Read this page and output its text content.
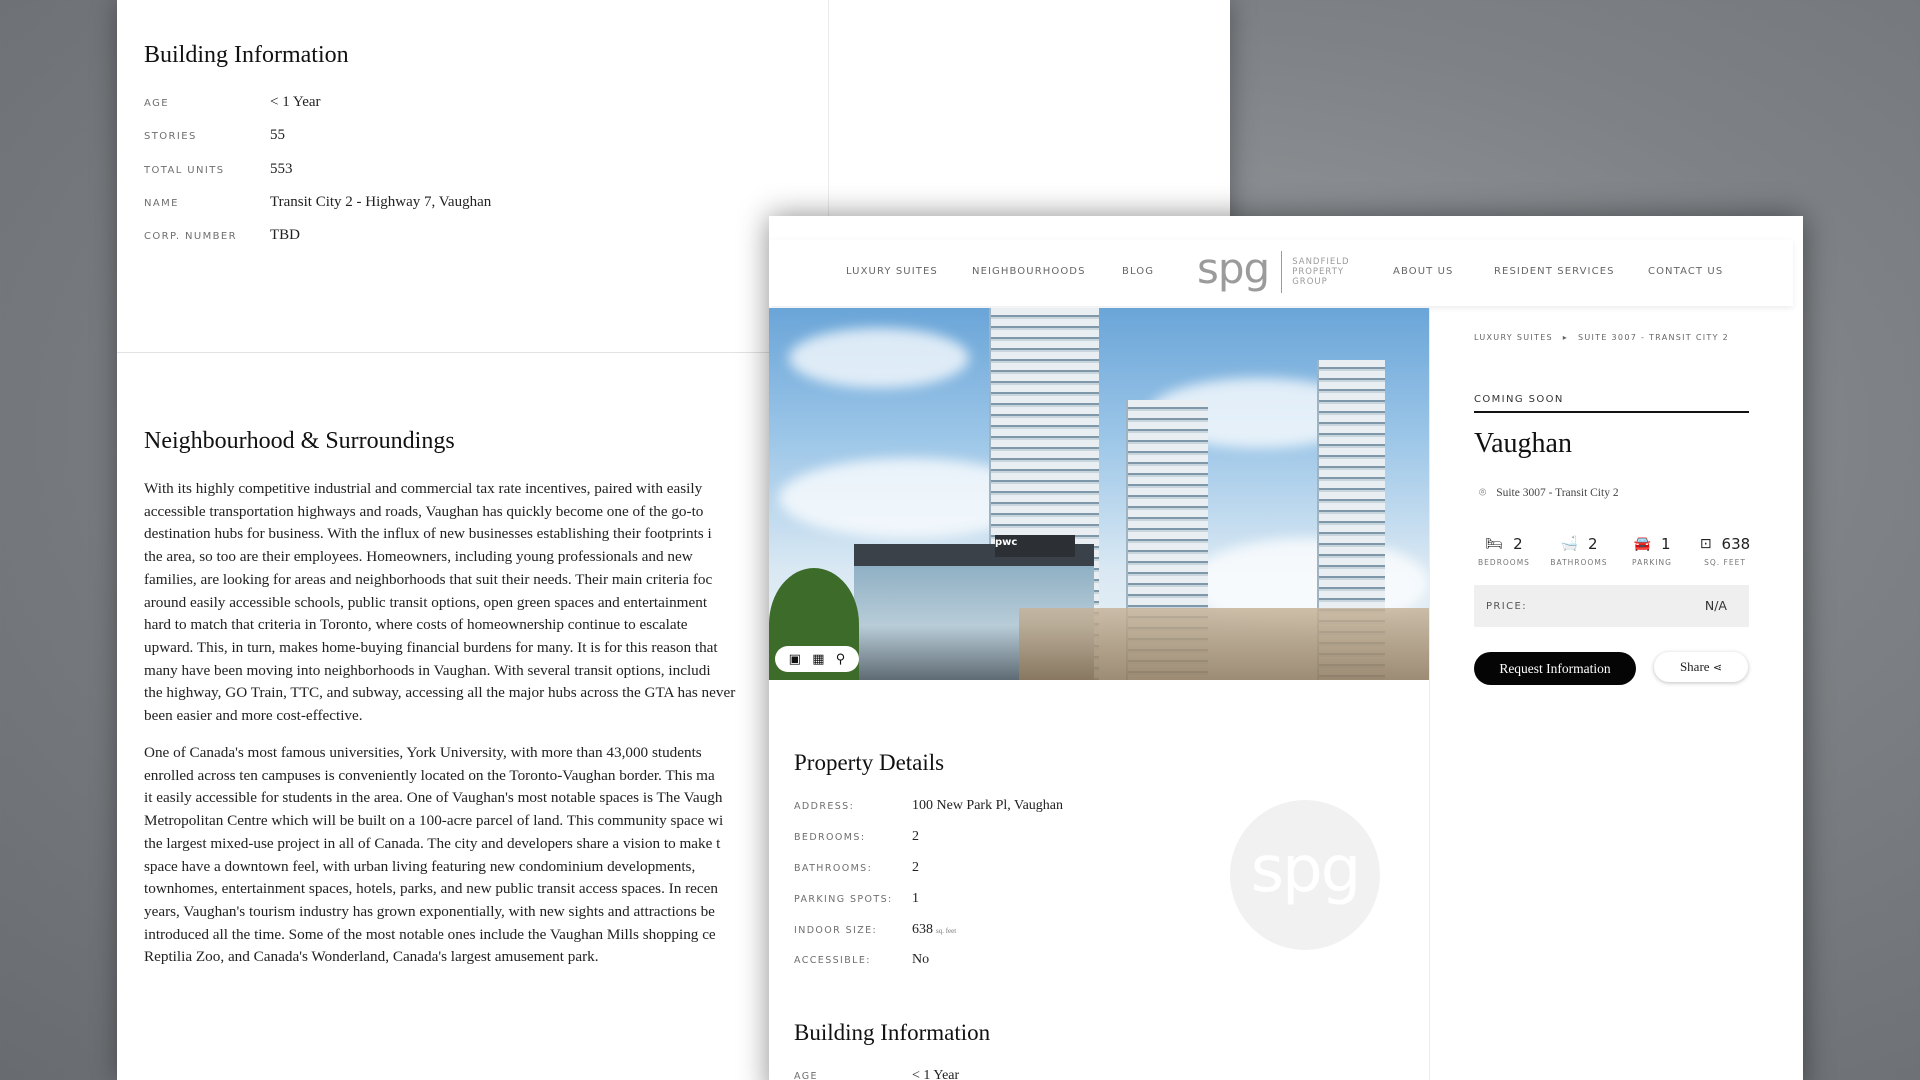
Building Information
AGE	< 1 Year
STORIES	55
TOTAL UNITS	553
NAME	Transit City 2 - Highway 7, Vaughan
CORP. NUMBER TBD
Neighbourhood & Surroundings
With its highly competitive industrial and commercial tax rate incentives, paired with easily
accessible transportation highways and roads, Vaughan has quickly become one of the go-to
destination hubs for business. With the influx of new businesses establishing their footprints i
the area, so too are their employees. Homeowners, including young professionals and new
families, are looking for areas and neighborhoods that suit their needs. Their main criteria foc
around easily accessible schools, public transit options, open green spaces and entertainment
hard to match that criteria in Toronto, where costs of homeownership continue to escalate
upward. This, in turn, makes home-buying financial burdens for many. It is for this reason that
many have been moving into neighborhoods in Vaughan. With several transit options, includi
the highway, GO Train, TTC, and subway, accessing all the major hubs across the GTA has never
been easier and more cost-effective.
One of Canada's most famous universities, York University, with more than 43,000 students
enrolled across ten campuses is conveniently located on the Toronto-Vaughan border. This ma
it easily accessible for students in the area. One of Vaughan's most notable spaces is The Vaugh
Metropolitan Centre which will be built on a 100-acre parcel of land. This community space wi
the largest mixed-use project in all of Canada. The city and developers share a vision to make t
space have a downtown feel, with urban living featuring new condominium developments,
townhomes, entertainment spaces, hotels, parks, and new public transit access spaces. In recen
years, Vaughan's tourism industry has grown exponentially, with new sights and attractions be
introduced all the time. Some of the most notable ones include the Vaughan Mills shopping ce
Reptilia Zoo, and Canada's Wonderland, Canada's largest amusement park.
LUXURY SUITES	NEIGHBOURHOODS	BLOG spg	SANDFIELD
PROPERTY
GROUP
ABOUT US	RESIDENT SERVICES	CONTACT US
pwc
▣ ▦ ⚲
LUXURY SUITES ▸ SUITE 3007 - TRANSIT CITY 2
COMING SOON
Vaughan
⌾ Suite 3007 - Transit City 2
🛏 2
BEDROOMS
🛁 2
BATHROOMS
🚘 1
PARKING
⊡ 638
SQ. FEET
PRICE:	N/A
Request Information	Share ⋖
Property Details
ADDRESS:	100 New Park Pl, Vaughan
BEDROOMS:	2
BATHROOMS:	2
PARKING SPOTS: 1
INDOOR SIZE: 638 sq. feet
ACCESSIBLE:	No
spg
Building Information
AGE	< 1 Year
